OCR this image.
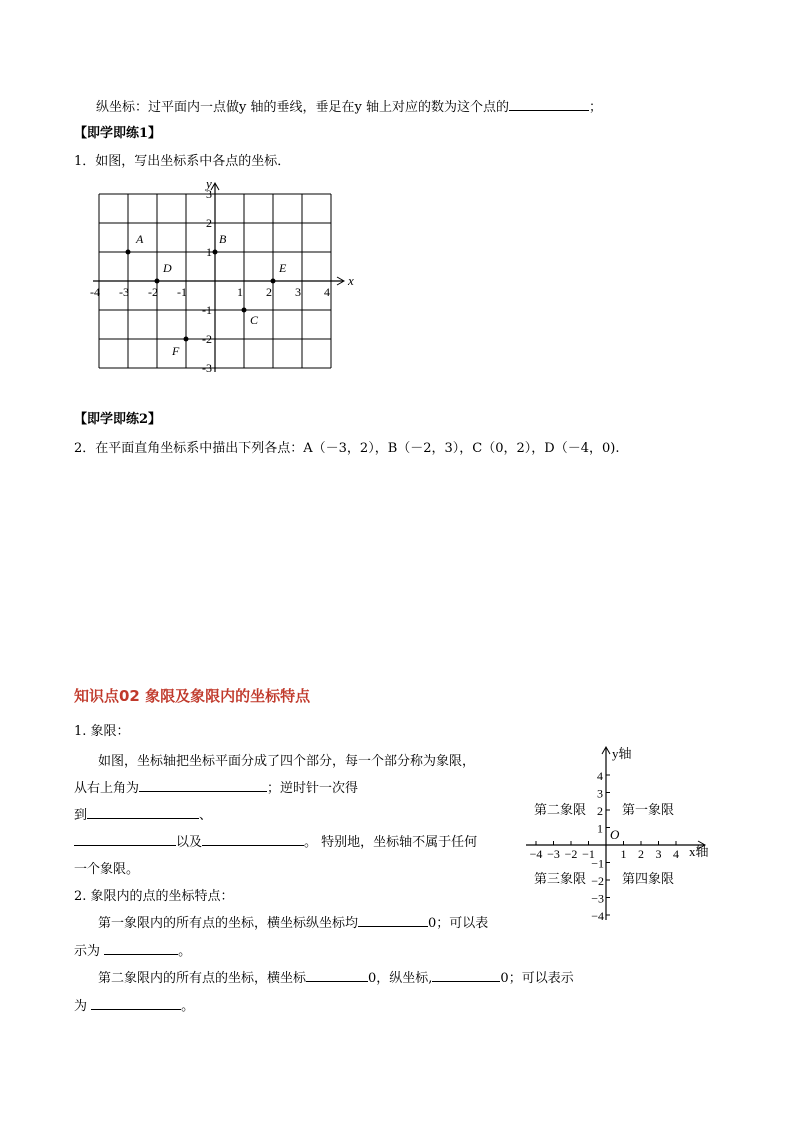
纵坐标：过平面内一点做y 轴的垂线，垂足在y 轴上对应的数为这个点的	；
【即学即练1】
1．如图，写出坐标系中各点的坐标．
x
y
-4 -3 -2 -1	1 2 3 4
3
2
1
-1
-2
-3
A	B
D	E
C
F
【即学即练2】
2．在平面直角坐标系中描出下列各点：A（－3，2），B（－2，3），C（0，2），D（－4，0).
知识点02 象限及象限内的坐标特点
1. 象限：
如图，坐标轴把坐标平面分成了四个部分，每一个部分称为象限，
从右上角为	；逆时针一次得
到	、
以及	。 特别地，坐标轴不属于任何
一个象限。
2. 象限内的点的坐标特点：
第一象限内的所有点的坐标，横坐标纵坐标均	0；可以表
示为	。
第二象限内的所有点的坐标，横坐标	0，纵坐标,	0；可以表示
为	。
y轴
x轴
O
4
3
2
1
−1
−2
−3
−4
−4 −3 −2 −1 1 2 3 4
第一象限
第二象限
第三象限	第四象限
